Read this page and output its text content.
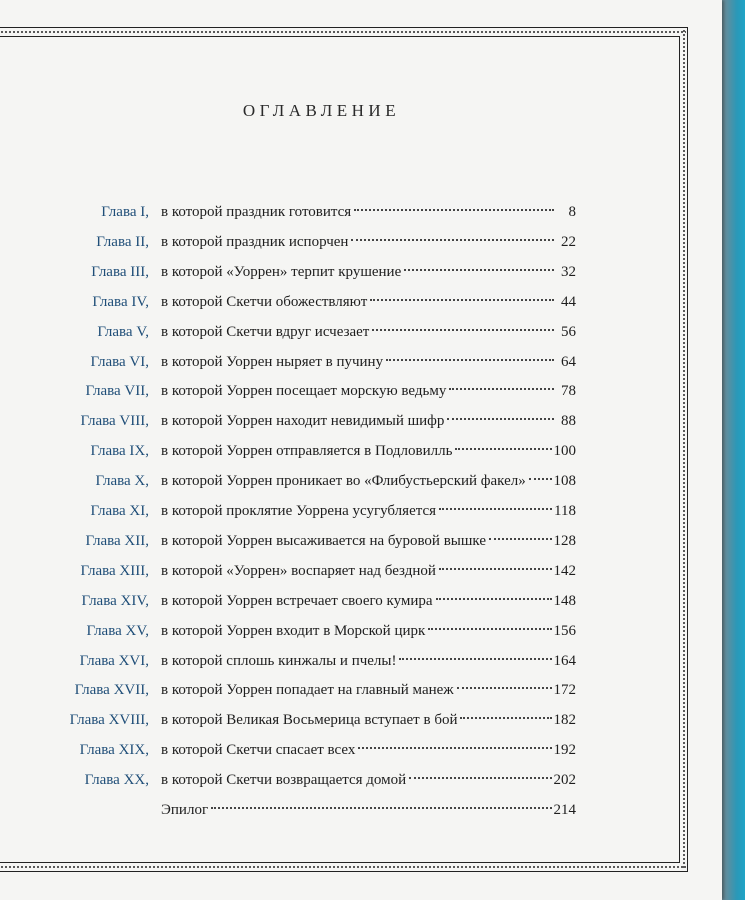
ОГЛАВЛЕНИЕ
Глава I, в которой праздник готовится	8
Глава II, в которой праздник испорчен	22
Глава III, в которой «Уоррен» терпит крушение	32
Глава IV, в которой Скетчи обожествляют	44
Глава V, в которой Скетчи вдруг исчезает	56
Глава VI, в которой Уоррен ныряет в пучину	64
Глава VII, в которой Уоррен посещает морскую ведьму	78
Глава VIII, в которой Уоррен находит невидимый шифр	88
Глава IX, в которой Уоррен отправляется в Подловилль	100
Глава X, в которой Уоррен проникает во «Флибустьерский факел» 108
Глава XI, в которой проклятие Уоррена усугубляется	118
Глава XII, в которой Уоррен высаживается на буровой вышке	128
Глава XIII, в которой «Уоррен» воспаряет над бездной	142
Глава XIV, в которой Уоррен встречает своего кумира	148
Глава XV, в которой Уоррен входит в Морской цирк	156
Глава XVI, в которой сплошь кинжалы и пчелы!	164
Глава XVII, в которой Уоррен попадает на главный манеж	172
Глава XVIII, в которой Великая Восьмерица вступает в бой	182
Глава XIX, в которой Скетчи спасает всех	192
Глава XX, в которой Скетчи возвращается домой	202
Эпилог	214
